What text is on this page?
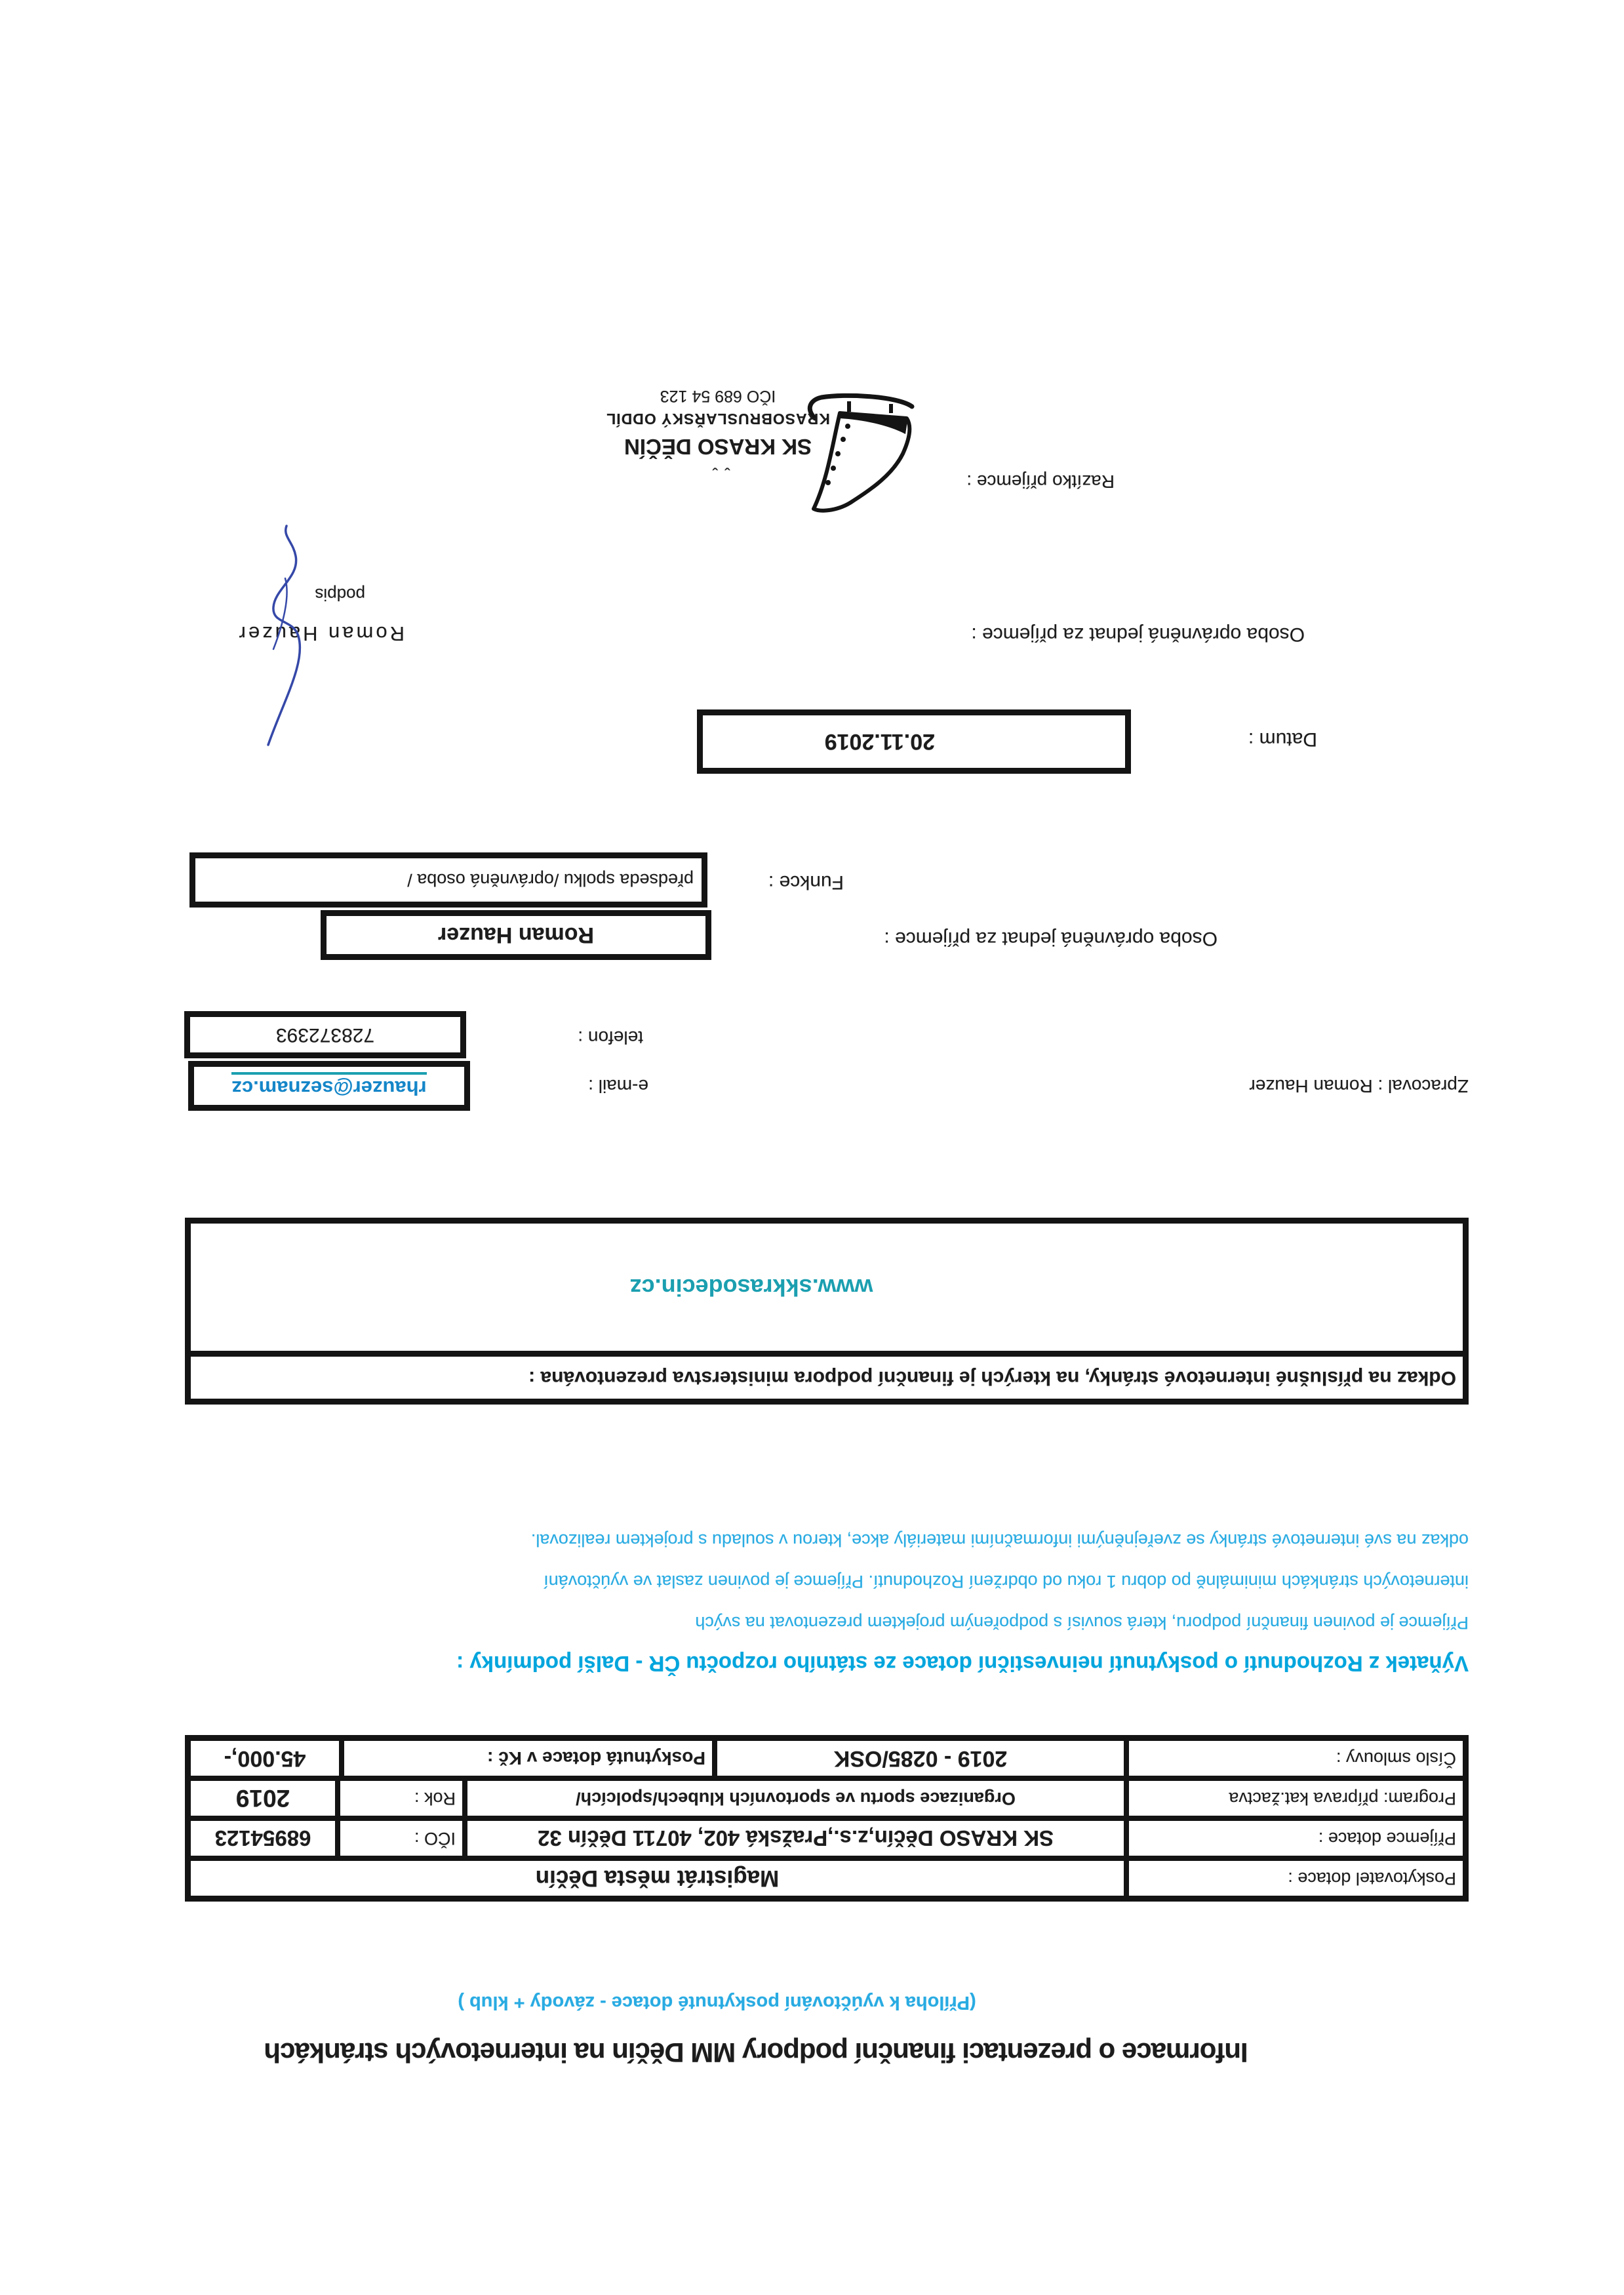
Informace o prezentaci finanční podpory MM Děčín na internetových stránkách
(Příloha k vyúčtování poskytnuté dotace - závody + klub )
Poskytovatel dotace :
Magistrát města Děčín
Příjemce dotace :
SK KRASO Děčín,z.s.,Pražská 402, 40711 Děčín 32
IČO :
68954123
Program: příprava kat.žactva
Organizace sportu ve sportovních klubech/spolcích/
Rok :
2019
Číslo smlouvy :
2019 - 0285/OSK
Poskytnutá dotace v Kč :
45.000,-
Výňatek z Rozhodnutí o poskytnutí neinvestiční dotace ze státního rozpočtu ČR - Další podmínky :
Příjemce je povinen finanční podporu, která souvisí s podpořeným projektem prezentovat na svých
internetových stránkách minimálně po dobru 1 roku od obdržení Rozhodnutí. Příjemce je povinen zaslat ve vyúčtování
odkaz na své internetové stránky se zveřejněnými informačními materiály akce, kterou v souladu s projektem realizoval.
Odkaz na příslušné internetové stránky, na kterých je finanční podpora ministerstva prezentována :
www.skkrasodecin.cz
Zpracoval : Roman Hauzer
e-mail :
rhauzer@seznam.cz
telefon :
728372393
Osoba oprávněná jednat za příjemce :
Roman Hauzer
Funkce :
předseda spolku /oprávněná osoba /
Datum :
20.11.2019
Osoba oprávněná jednat za příjemce :
Roman Hauzer
podpis
Razítko příjemce :
ˇˇ
SK KRASO DĚČÍN
KRASOBRUSLAŘSKÝ ODDÍL
IČO 689 54 123
